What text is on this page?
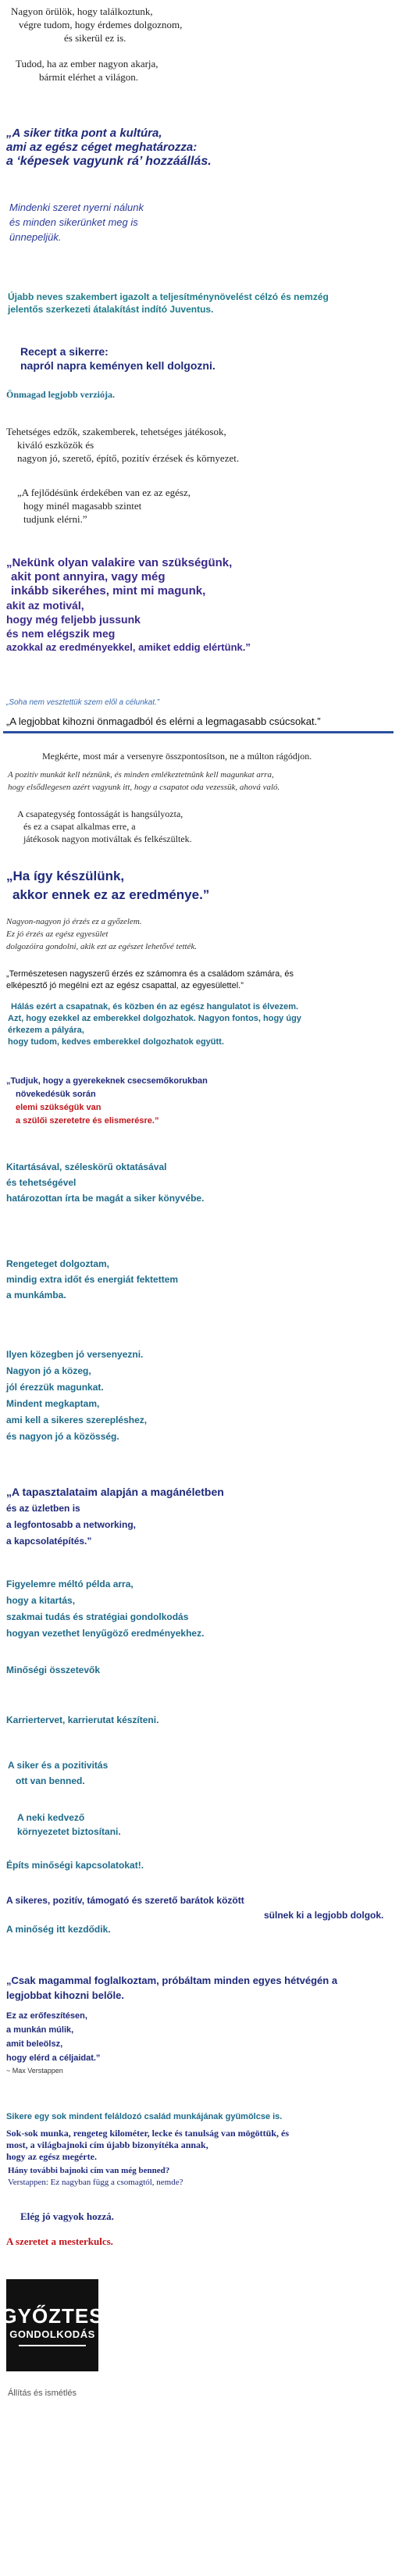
Nagyon örülök, hogy találkoztunk,
végre tudom, hogy érdemes dolgoznom,
és sikerül ez is.
Tudod, ha az ember nagyon akarja,
bármit elérhet a világon.
„A siker titka pont a kultúra,
ami az egész céget meghatározza:
a ‘képesek vagyunk rá’ hozzáállás.
Mindenki szeret nyerni nálunk
és minden sikerünket meg is
ünnepeljük.
Újabb neves szakembert igazolt a teljesítménynövelést célzó és nemzég
jelentős szerkezeti átalakítást indító Juventus.
Recept a sikerre:
napról napra keményen kell dolgozni.
Önmagad legjobb verziója.
Tehetséges edzők, szakemberek, tehetséges játékosok,
kiváló eszközök és
nagyon jó, szerető, építő, pozitív érzések és környezet.
„A fejlődésünk érdekében van ez az egész,
hogy minél magasabb szintet
tudjunk elérni.”
„Nekünk olyan valakire van szükségünk,
akit pont annyira, vagy még
inkább sikeréhes, mint mi magunk,
akit az motivál,
hogy még feljebb jussunk
és nem elégszik meg
azokkal az eredményekkel, amiket eddig elértünk.”
„Soha nem vesztettük szem elől a célunkat.”
„A legjobbat kihozni önmagadból és elérni a legmagasabb csúcsokat.”
Megkérte, most már a versenyre összpontosítson, ne a múlton rágódjon.
A pozitív munkát kell néznünk, és minden emlékeztetnünk kell magunkat arra,
hogy elsődlegesen azért vagyunk itt, hogy a csapatot oda vezessük, ahová való.
A csapategység fontosságát is hangsúlyozta,
és ez a csapat alkalmas erre, a
játékosok nagyon motiváltak és felkészültek.
„Ha így készülünk,
akkor ennek ez az eredménye.”
Nagyon-nagyon jó érzés ez a győzelem.
Ez jó érzés az egész egyesület
dolgozóira gondolni, akik ezt az egészet lehetővé tették.
„Természetesen nagyszerű érzés ez számomra és a családom számára, és
elképesztő jó megélni ezt az egész csapattal, az egyesülettel.”
Hálás ezért a csapatnak, és közben én az egész hangulatot is élvezem.
Azt, hogy ezekkel az emberekkel dolgozhatok. Nagyon fontos, hogy úgy
érkezem a pályára,
hogy tudom, kedves emberekkel dolgozhatok együtt.
„Tudjuk, hogy a gyerekeknek csecsemőkorukban
növekedésük során
elemi szükségük van
a szülői szeretetre és elismerésre.”
Kitartásával, széleskörű oktatásával
és tehetségével
határozottan írta be magát a siker könyvébe.
Rengeteget dolgoztam,
mindig extra időt és energiát fektettem
a munkámba.
Ilyen közegben jó versenyezni.
Nagyon jó a közeg,
jól érezzük magunkat.
Mindent megkaptam,
ami kell a sikeres szerepléshez,
és nagyon jó a közösség.
„A tapasztalataim alapján a magánéletben
és az üzletben is
a legfontosabb a networking,
a kapcsolatépítés.”
Figyelemre méltó példa arra,
hogy a kitartás,
szakmai tudás és stratégiai gondolkodás
hogyan vezethet lenyűgöző eredményekhez.
Minőségi összetevők
Karriertervet, karrierutat készíteni.
A siker és a pozitivitás
ott van benned.
A neki kedvező
környezetet biztosítani.
Építs minőségi kapcsolatokat!.
A sikeres, pozitív, támogató és szerető barátok között
sülnek ki a legjobb dolgok.
A minőség itt kezdődik.
„Csak magammal foglalkoztam, próbáltam minden egyes hétvégén a
legjobbat kihozni belőle.
Ez az erőfeszítésen,
a munkán múlik,
amit beleölsz,
hogy elérd a céljaidat.”
~ Max Verstappen
Sikere egy sok mindent feláldozó család munkájának gyümölcse is.
Sok-sok munka, rengeteg kilométer, lecke és tanulság van mögöttük, és
most, a világbajnoki cím újabb bizonyítéka annak,
hogy az egész megérte.
Hány további bajnoki cím van még benned?
Verstappen: Ez nagyban függ a csomagtól, nemde?
Elég jó vagyok hozzá.
A szeretet a mesterkulcs.
GYŐZTES
GONDOLKODÁS
Állítás és ismétlés
